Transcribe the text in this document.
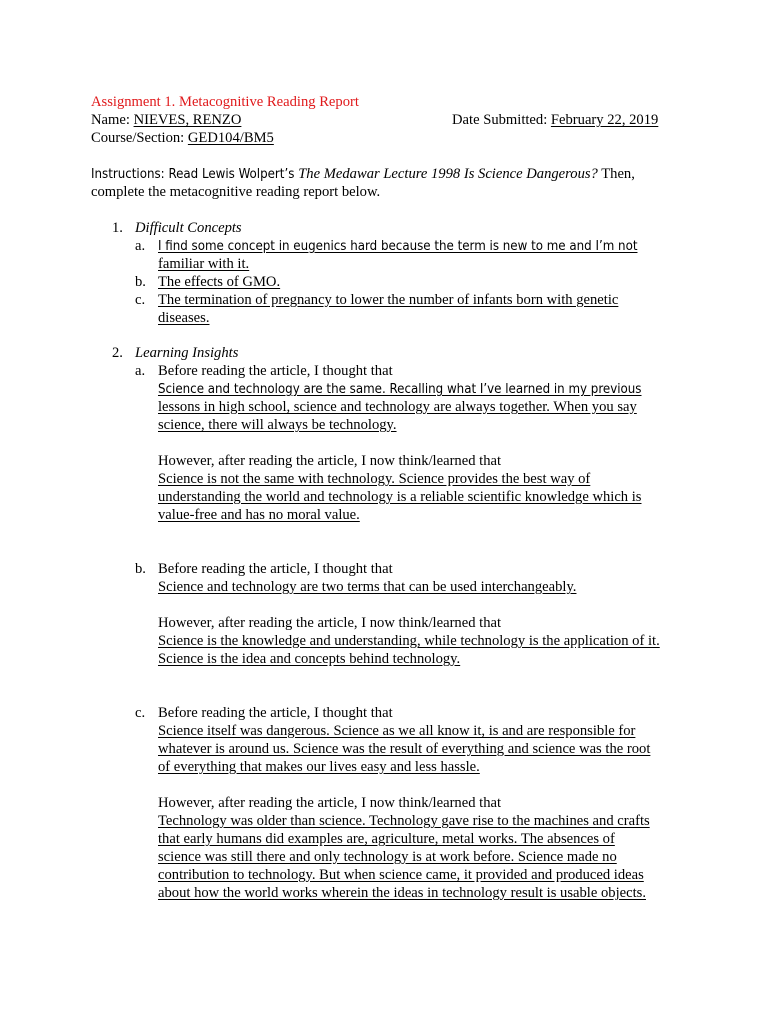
Assignment 1. Metacognitive Reading Report
Name: NIEVES, RENZO	Date Submitted: February 22, 2019
Course/Section: GED104/BM5
Instructions: Read Lewis Wolpert’s The Medawar Lecture 1998 Is Science Dangerous? Then,
complete the metacognitive reading report below.
1. Difficult Concepts
a. I find some concept in eugenics hard because the term is new to me and I’m not
familiar with it.
b. The effects of GMO.
c. The termination of pregnancy to lower the number of infants born with genetic
diseases.
2. Learning Insights
a. Before reading the article, I thought that
Science and technology are the same. Recalling what I’ve learned in my previous
lessons in high school, science and technology are always together. When you say
science, there will always be technology.
However, after reading the article, I now think/learned that
Science is not the same with technology. Science provides the best way of
understanding the world and technology is a reliable scientific knowledge which is
value-free and has no moral value.
b. Before reading the article, I thought that
Science and technology are two terms that can be used interchangeably.
However, after reading the article, I now think/learned that
Science is the knowledge and understanding, while technology is the application of it.
Science is the idea and concepts behind technology.
c. Before reading the article, I thought that
Science itself was dangerous. Science as we all know it, is and are responsible for
whatever is around us. Science was the result of everything and science was the root
of everything that makes our lives easy and less hassle.
However, after reading the article, I now think/learned that
Technology was older than science. Technology gave rise to the machines and crafts
that early humans did examples are, agriculture, metal works. The absences of
science was still there and only technology is at work before. Science made no
contribution to technology. But when science came, it provided and produced ideas
about how the world works wherein the ideas in technology result is usable objects.
